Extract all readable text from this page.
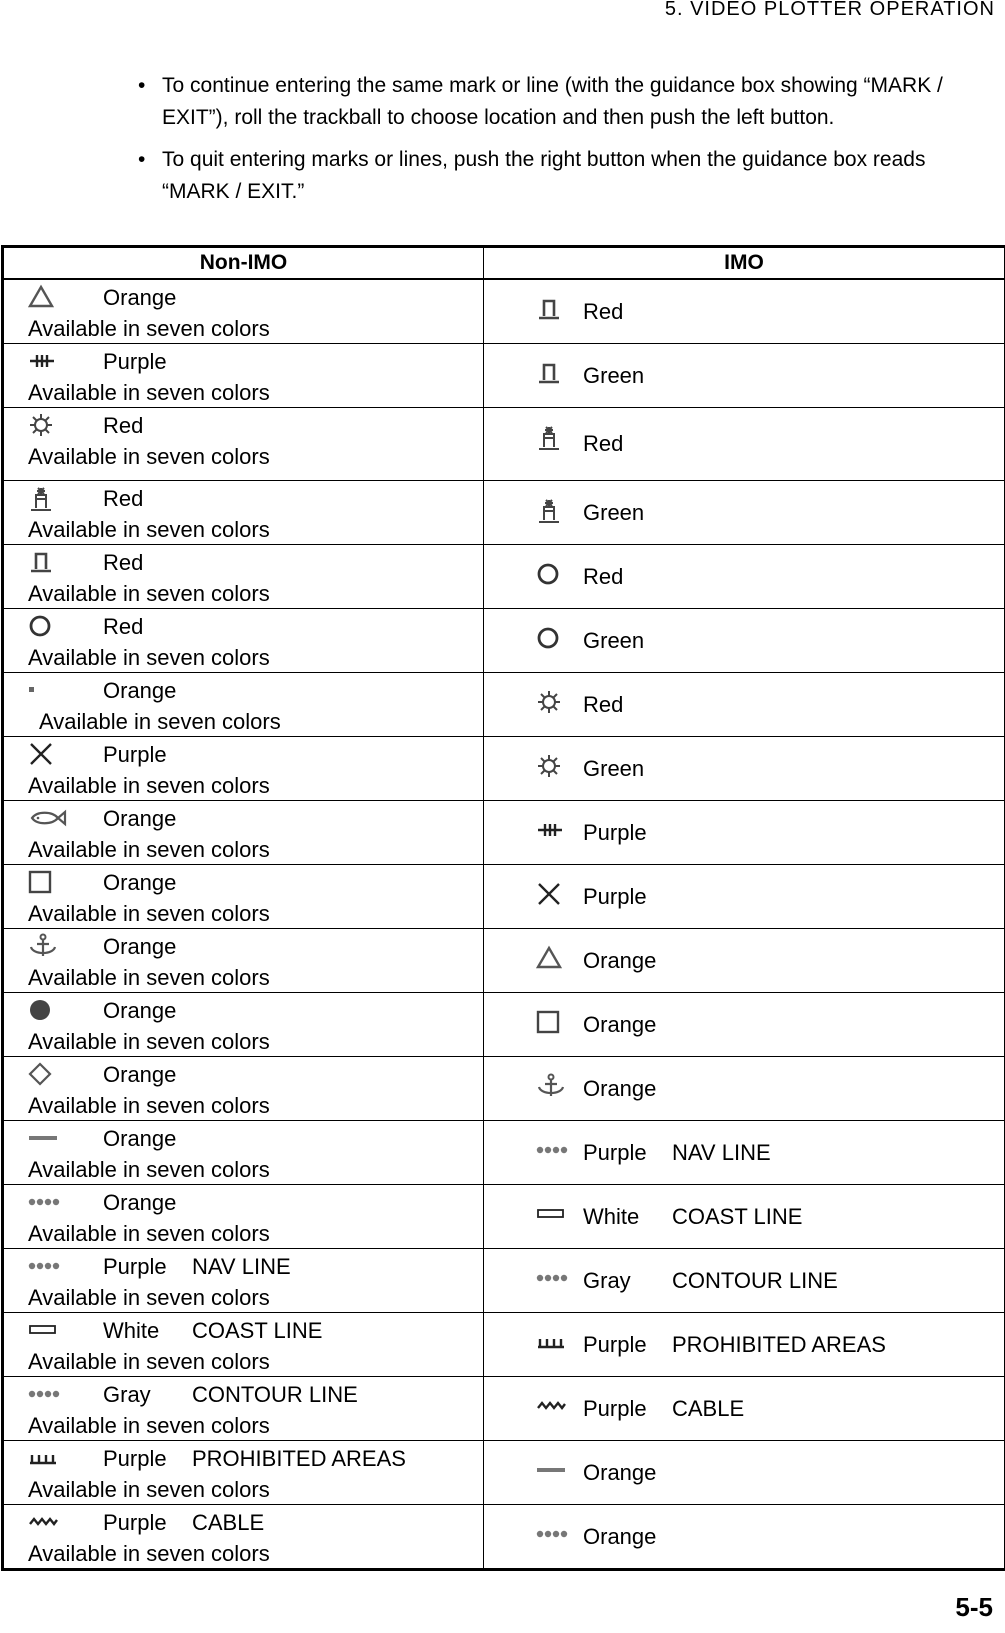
5. VIDEO PLOTTER OPERATION
• To continue entering the same mark or line (with the guidance box showing “MARK / EXIT”), roll the trackball to choose location and then push the left button.
• To quit entering marks or lines, push the right button when the guidance box reads “MARK / EXIT.”
Non-IMO	IMO

Orange
Available in seven colors	Red

Purple
Available in seven colors	Green

Red
Available in seven colors	Red

Red
Available in seven colors	Green

Red
Available in seven colors	Red

Red
Available in seven colors	Green

Orange
Available in seven colors	Red

Purple
Available in seven colors	Green

Orange
Available in seven colors	Purple

Orange
Available in seven colors	Purple

Orange
Available in seven colors	Orange

Orange
Available in seven colors	Orange

Orange
Available in seven colors	Orange

Orange
Available in seven colors	Purple NAV LINE

Orange
Available in seven colors	White COAST LINE

Purple NAV LINE
Available in seven colors	Gray CONTOUR LINE

White COAST LINE
Available in seven colors	Purple PROHIBITED AREAS

Gray CONTOUR LINE
Available in seven colors	Purple CABLE

Purple PROHIBITED AREAS
Available in seven colors	Orange

Purple CABLE
Available in seven colors	Orange
5-5
